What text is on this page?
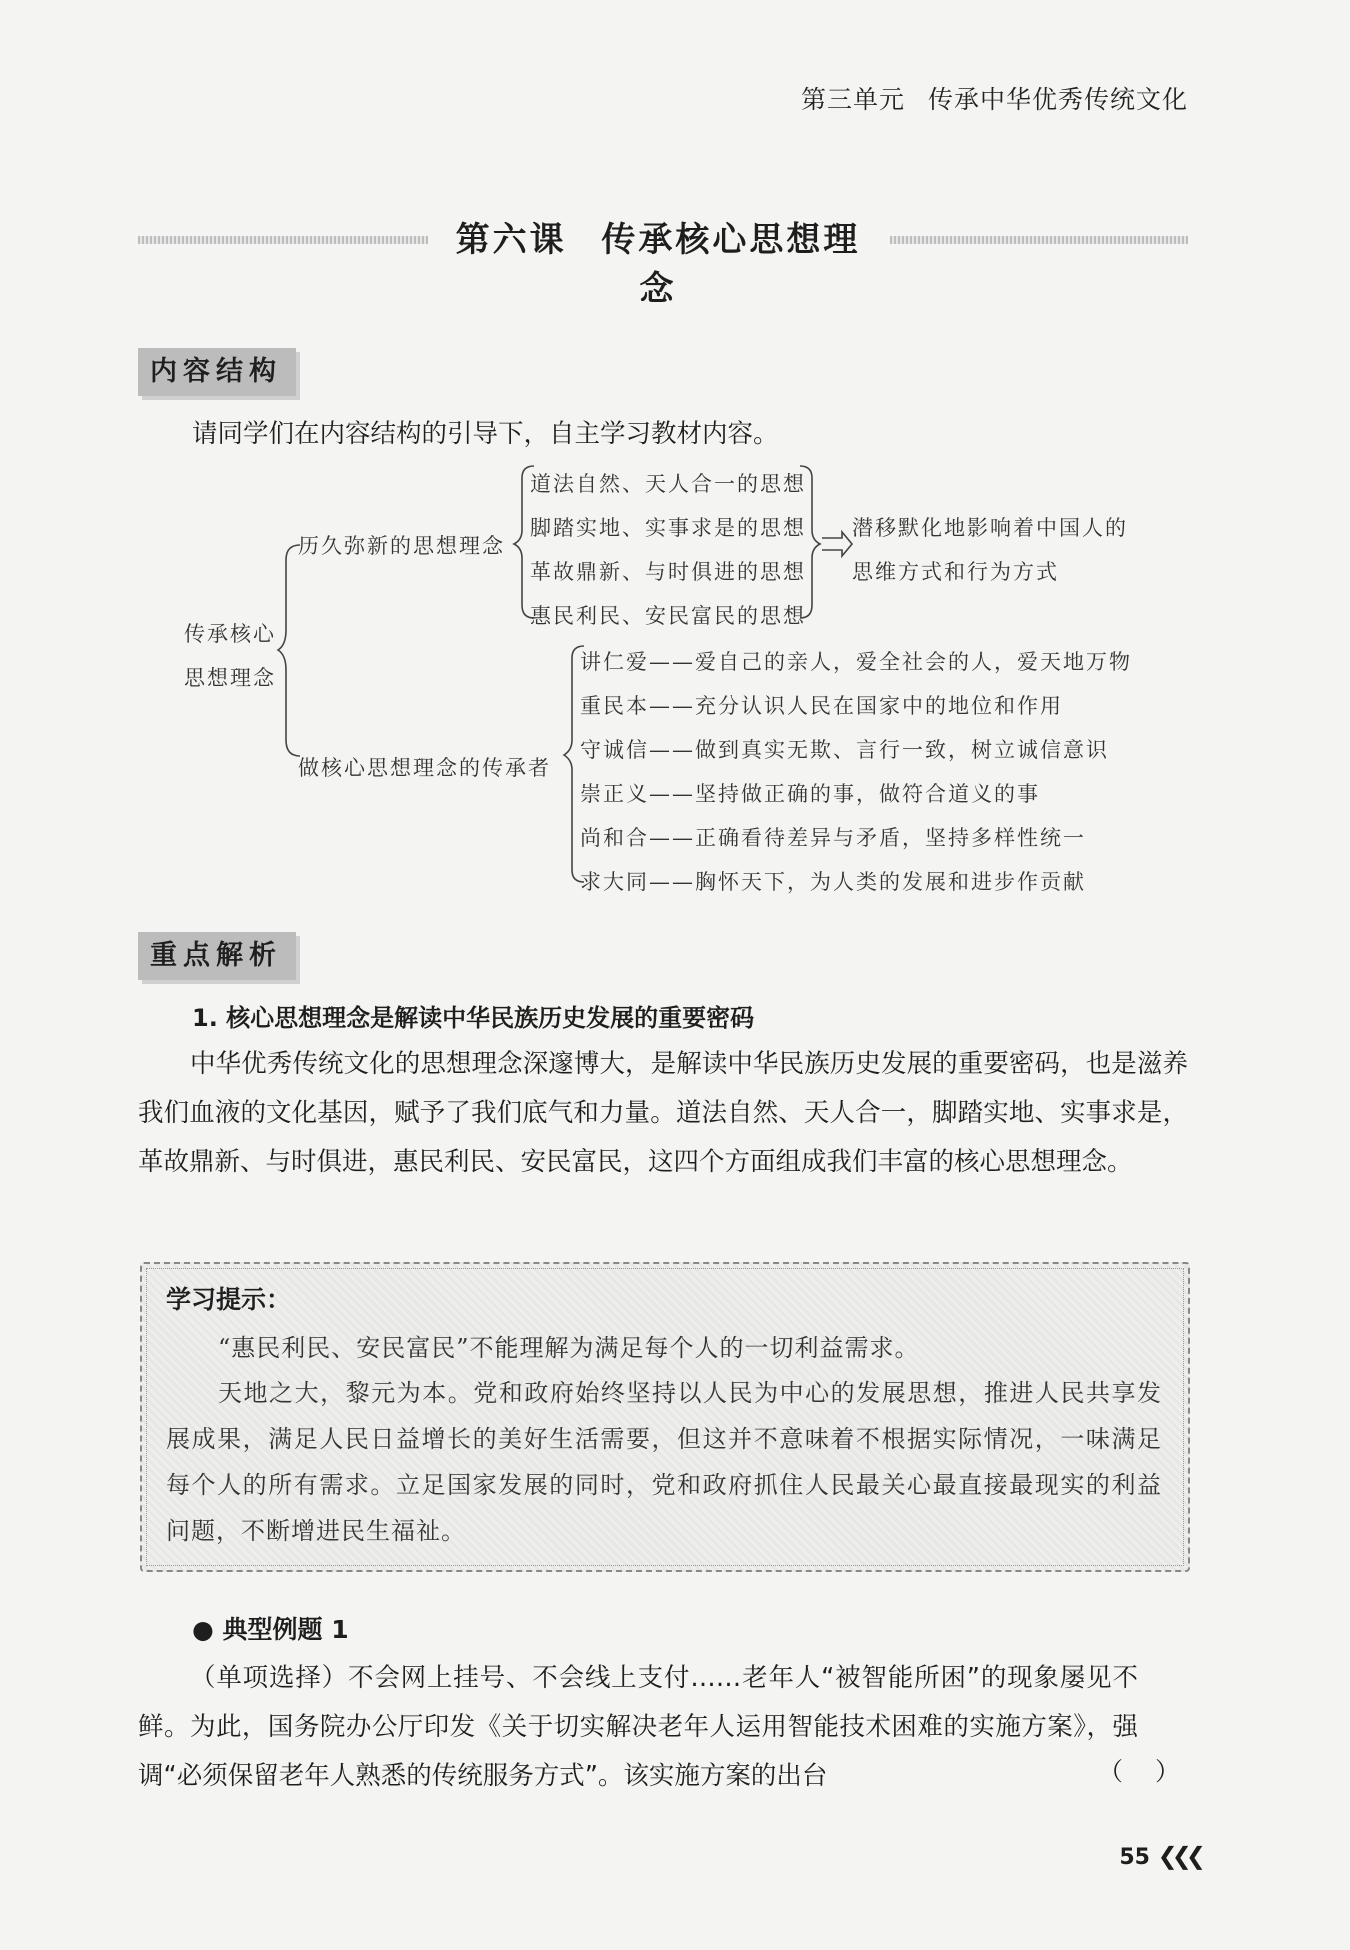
第三单元 传承中华优秀传统文化
第六课 传承核心思想理念
内容结构
请同学们在内容结构的引导下，自主学习教材内容。
传承核心
思想理念
历久弥新的思想理念
道法自然、天人合一的思想
脚踏实地、实事求是的思想
革故鼎新、与时俱进的思想
惠民利民、安民富民的思想
潜移默化地影响着中国人的
思维方式和行为方式
做核心思想理念的传承者
讲仁爱——爱自己的亲人，爱全社会的人，爱天地万物
重民本——充分认识人民在国家中的地位和作用
守诚信——做到真实无欺、言行一致，树立诚信意识
崇正义——坚持做正确的事，做符合道义的事
尚和合——正确看待差异与矛盾，坚持多样性统一
求大同——胸怀天下，为人类的发展和进步作贡献
重点解析
1. 核心思想理念是解读中华民族历史发展的重要密码
中华优秀传统文化的思想理念深邃博大，是解读中华民族历史发展的重要密码，也是滋养我们血液的文化基因，赋予了我们底气和力量。道法自然、天人合一，脚踏实地、实事求是，革故鼎新、与时俱进，惠民利民、安民富民，这四个方面组成我们丰富的核心思想理念。
学习提示：
“惠民利民、安民富民”不能理解为满足每个人的一切利益需求。
天地之大，黎元为本。党和政府始终坚持以人民为中心的发展思想，推进人民共享发展成果，满足人民日益增长的美好生活需要，但这并不意味着不根据实际情况，一味满足每个人的所有需求。立足国家发展的同时，党和政府抓住人民最关心最直接最现实的利益问题，不断增进民生福祉。
● 典型例题 1
（单项选择）不会网上挂号、不会线上支付……老年人“被智能所困”的现象屡见不鲜。为此，国务院办公厅印发《关于切实解决老年人运用智能技术困难的实施方案》，强调“必须保留老年人熟悉的传统服务方式”。该实施方案的出台	（ ）
55 ❮❮❮
